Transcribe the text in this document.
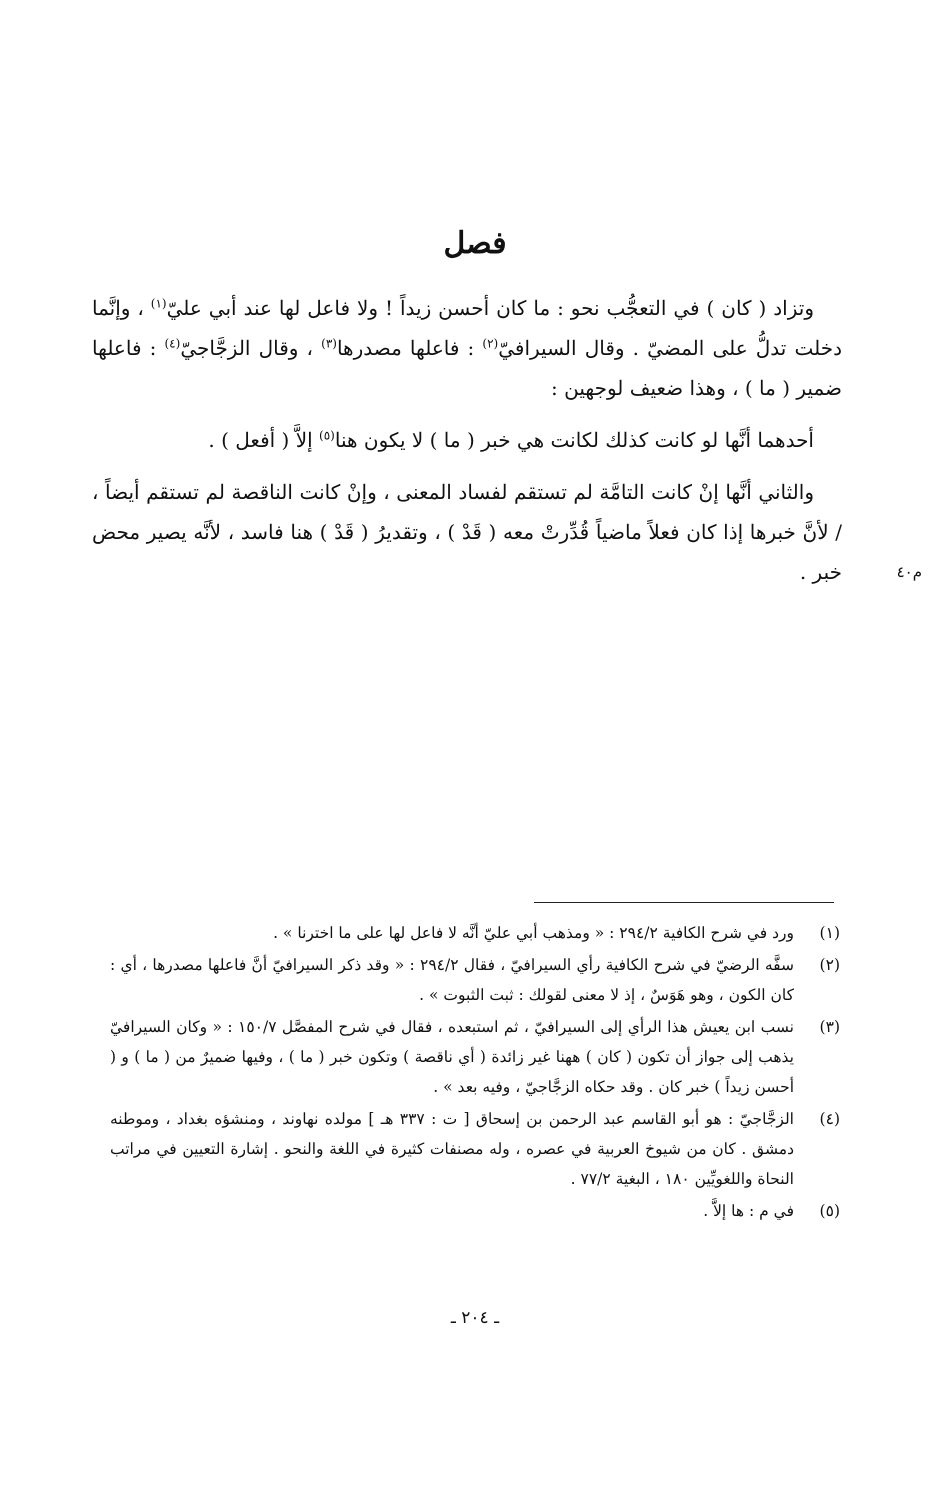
فصل

وتزاد ( كان ) في التعجُّب نحو : ما كان أحسن زيداً ! ولا فاعل لها عند أبي عليّ$^{(١)}$ ، وإنَّما دخلت تدلُّ على المضيّ . وقال السيرافيّ$^{(٢)}$ : فاعلها مصدرها$^{(٣)}$ ، وقال الزجَّاجيّ$^{(٤)}$ : فاعلها ضمير ( ما ) ، وهذا ضعيف لوجهين :

أحدهما أنَّها لو كانت كذلك لكانت هي خبر ( ما ) لا يكون هنا$^{(٥)}$ إلاَّ ( أفعل ) .

والثاني أنَّها إنْ كانت التامَّة لم تستقم لفساد المعنى ، وإنْ كانت الناقصة لم تستقم أيضاً ، / لأنَّ خبرها إذا كان فعلاً ماضياً قُدِّرتْ معه ( قَدْ ) ، وتقديرُ ( قَدْ ) هنا فاسد ، لأنَّه يصير محض خبر .	م٤٠
(١)
ورد في شرح الكافية ٢٩٤/٢ : « ومذهب أبي عليّ أنَّه لا فاعل لها على ما اخترنا » .
(٢)
سفَّه الرضيّ في شرح الكافية رأي السيرافيّ ، فقال ٢٩٤/٢ : « وقد ذكر السيرافيّ أنَّ فاعلها مصدرها ، أي : كان الكون ، وهو هَوَسٌ ، إذ لا معنى لقولك : ثبت الثبوت » .
(٣)
نسب ابن يعيش هذا الرأي إلى السيرافيّ ، ثم استبعده ، فقال في شرح المفصَّل ١٥٠/٧ : « وكان السيرافيّ يذهب إلى جواز أن تكون ( كان ) ههنا غير زائدة ( أي ناقصة ) وتكون خبر ( ما ) ، وفيها ضميرٌ من ( ما ) و ( أحسن زيداً ) خبر كان . وقد حكاه الزجَّاجيّ ، وفيه بعد » .
(٤)
الزجَّاجيّ : هو أبو القاسم عبد الرحمن بن إسحاق [ ت : ٣٣٧ هـ ] مولده نهاوند ، ومنشؤه بغداد ، وموطنه دمشق . كان من شيوخ العربية في عصره ، وله مصنفات كثيرة في اللغة والنحو . إشارة التعيين في مراتب النحاة واللغويِّين ١٨٠ ، البغية ٧٧/٢ .
(٥)
في م : ها إلاَّ .
ـ ٢٠٤ ـ
